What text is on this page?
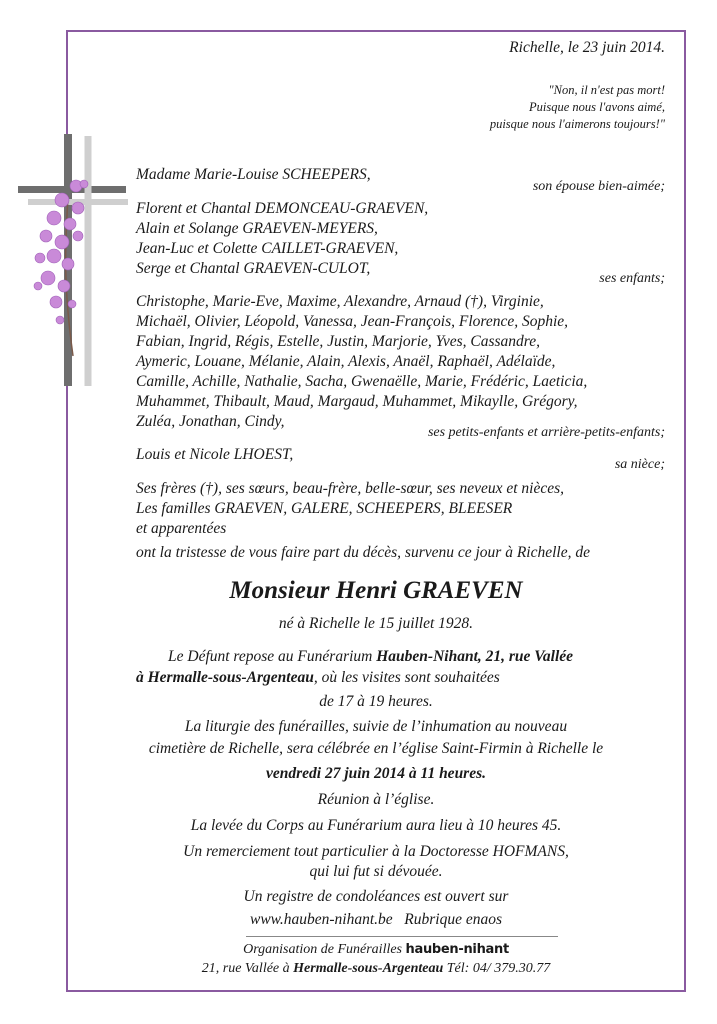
Richelle, le 23 juin 2014.
"Non, il n'est pas mort!
Puisque nous l'avons aimé,
puisque nous l'aimerons toujours!"
Madame Marie-Louise SCHEEPERS,
son épouse bien-aimée;
Florent et Chantal DEMONCEAU-GRAEVEN,
Alain et Solange GRAEVEN-MEYERS,
Jean-Luc et Colette CAILLET-GRAEVEN,
Serge et Chantal GRAEVEN-CULOT,
ses enfants;
Christophe, Marie-Eve, Maxime, Alexandre, Arnaud (†), Virginie,
Michaël, Olivier, Léopold, Vanessa, Jean-François, Florence, Sophie,
Fabian, Ingrid, Régis, Estelle, Justin, Marjorie, Yves, Cassandre,
Aymeric, Louane, Mélanie, Alain, Alexis, Anaël, Raphaël, Adélaïde,
Camille, Achille, Nathalie, Sacha, Gwenaëlle, Marie, Frédéric, Laeticia,
Muhammet, Thibault, Maud, Margaud, Muhammet, Mikaylle, Grégory,
Zuléa, Jonathan, Cindy,
ses petits-enfants et arrière-petits-enfants;
Louis et Nicole LHOEST,
sa nièce;
Ses frères (†), ses sœurs, beau-frère, belle-sœur, ses neveux et nièces,
Les familles GRAEVEN, GALERE, SCHEEPERS, BLEESER
et apparentées
ont la tristesse de vous faire part du décès, survenu ce jour à Richelle, de
Monsieur Henri GRAEVEN
né à Richelle le 15 juillet 1928.
Le Défunt repose au Funérarium Hauben-Nihant, 21, rue Vallée
à Hermalle-sous-Argenteau, où les visites sont souhaitées
de 17 à 19 heures.
La liturgie des funérailles, suivie de l’inhumation au nouveau
cimetière de Richelle, sera célébrée en l’église Saint-Firmin à Richelle le
vendredi 27 juin 2014 à 11 heures.
Réunion à l’église.
La levée du Corps au Funérarium aura lieu à 10 heures 45.
Un remerciement tout particulier à la Doctoresse HOFMANS,
qui lui fut si dévouée.
Un registre de condoléances est ouvert sur
www.hauben-nihant.be   Rubrique enaos
Organisation de Funérailles hauben-nihant
21, rue Vallée à Hermalle-sous-Argenteau Tél: 04/ 379.30.77
